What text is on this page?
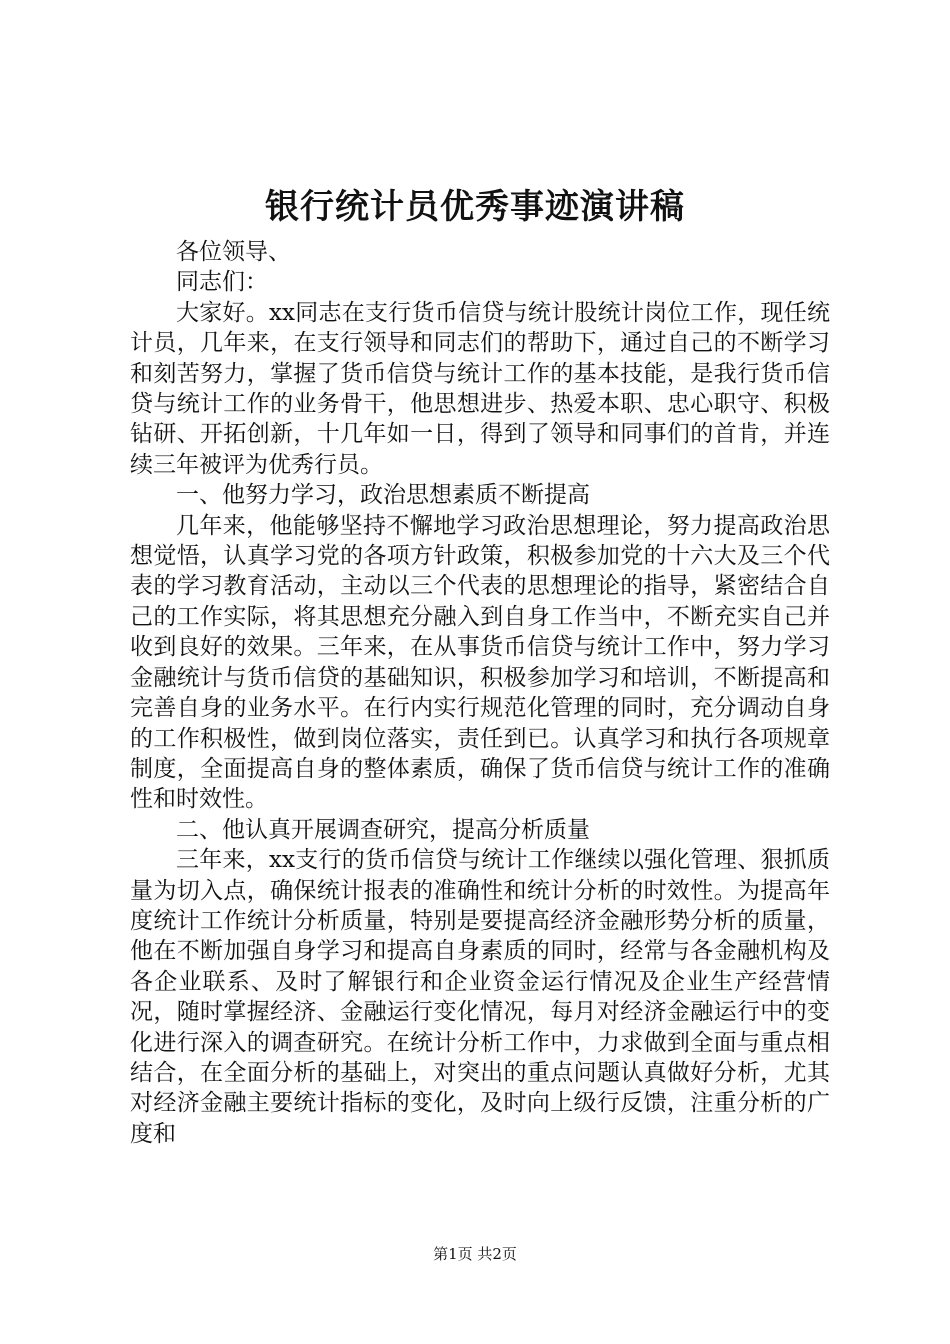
银行统计员优秀事迹演讲稿

各位领导、

同志们：

大家好。xx同志在支行货币信贷与统计股统计岗位工作，现任统计员，几年来，在支行领导和同志们的帮助下，通过自己的不断学习和刻苦努力，掌握了货币信贷与统计工作的基本技能，是我行货币信贷与统计工作的业务骨干，他思想进步、热爱本职、忠心职守、积极钻研、开拓创新，十几年如一日，得到了领导和同事们的首肯，并连续三年被评为优秀行员。

一、他努力学习，政治思想素质不断提高

几年来，他能够坚持不懈地学习政治思想理论，努力提高政治思想觉悟，认真学习党的各项方针政策，积极参加党的十六大及三个代表的学习教育活动，主动以三个代表的思想理论的指导，紧密结合自己的工作实际，将其思想充分融入到自身工作当中，不断充实自己并收到良好的效果。三年来，在从事货币信贷与统计工作中，努力学习金融统计与货币信贷的基础知识，积极参加学习和培训，不断提高和完善自身的业务水平。在行内实行规范化管理的同时，充分调动自身的工作积极性，做到岗位落实，责任到已。认真学习和执行各项规章制度，全面提高自身的整体素质，确保了货币信贷与统计工作的准确性和时效性。

二、他认真开展调查研究，提高分析质量

三年来，xx支行的货币信贷与统计工作继续以强化管理、狠抓质量为切入点，确保统计报表的准确性和统计分析的时效性。为提高年度统计工作统计分析质量，特别是要提高经济金融形势分析的质量，他在不断加强自身学习和提高自身素质的同时，经常与各金融机构及各企业联系、及时了解银行和企业资金运行情况及企业生产经营情况，随时掌握经济、金融运行变化情况，每月对经济金融运行中的变化进行深入的调查研究。在统计分析工作中，力求做到全面与重点相结合，在全面分析的基础上，对突出的重点问题认真做好分析，尤其对经济金融主要统计指标的变化，及时向上级行反馈，注重分析的广度和

第1页 共2页
